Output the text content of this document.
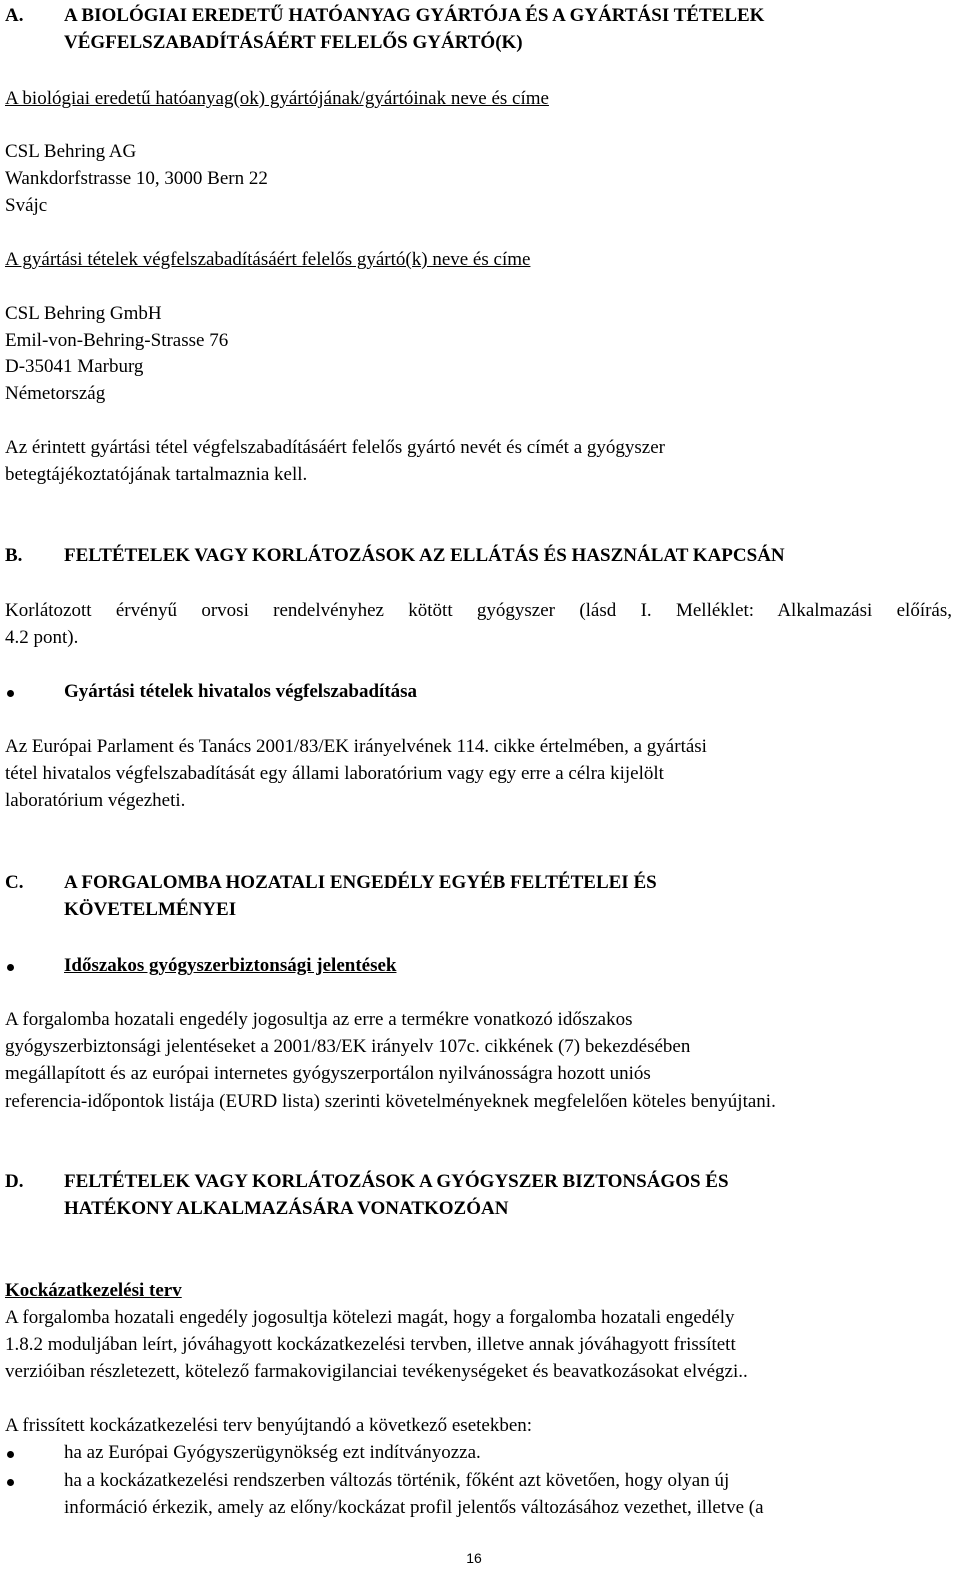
A. A BIOLÓGIAI EREDETŰ HATÓANYAG GYÁRTÓJA ÉS A GYÁRTÁSI TÉTELEK
VÉGFELSZABADÍTÁSÁÉRT FELELŐS GYÁRTÓ(K)
A biológiai eredetű hatóanyag(ok) gyártójának/gyártóinak neve és címe
CSL Behring AG
Wankdorfstrasse 10, 3000 Bern 22
Svájc
A gyártási tételek végfelszabadításáért felelős gyártó(k) neve és címe
CSL Behring GmbH
Emil-von-Behring-Strasse 76
D-35041 Marburg
Németország
Az érintett gyártási tétel végfelszabadításáért felelős gyártó nevét és címét a gyógyszer
betegtájékoztatójának tartalmaznia kell.
B. FELTÉTELEK VAGY KORLÁTOZÁSOK AZ ELLÁTÁS ÉS HASZNÁLAT KAPCSÁN
Korlátozott érvényű orvosi rendelvényhez kötött gyógyszer (lásd I. Melléklet: Alkalmazási előírás,
4.2 pont).
Gyártási tételek hivatalos végfelszabadítása
Az Európai Parlament és Tanács 2001/83/EK irányelvének 114. cikke értelmében, a gyártási
tétel hivatalos végfelszabadítását egy állami laboratórium vagy egy erre a célra kijelölt
laboratórium végezheti.
C. A FORGALOMBA HOZATALI ENGEDÉLY EGYÉB FELTÉTELEI ÉS
KÖVETELMÉNYEI
Időszakos gyógyszerbiztonsági jelentések
A forgalomba hozatali engedély jogosultja az erre a termékre vonatkozó időszakos
gyógyszerbiztonsági jelentéseket a 2001/83/EK irányelv 107c. cikkének (7) bekezdésében
megállapított és az európai internetes gyógyszerportálon nyilvánosságra hozott uniós
referencia-időpontok listája (EURD lista) szerinti követelményeknek megfelelően köteles benyújtani.
D. FELTÉTELEK VAGY KORLÁTOZÁSOK A GYÓGYSZER BIZTONSÁGOS ÉS
HATÉKONY ALKALMAZÁSÁRA VONATKOZÓAN
Kockázatkezelési terv
A forgalomba hozatali engedély jogosultja kötelezi magát, hogy a forgalomba hozatali engedély
1.8.2 moduljában leírt, jóváhagyott kockázatkezelési tervben, illetve annak jóváhagyott frissített
verzióiban részletezett, kötelező farmakovigilanciai tevékenységeket és beavatkozásokat elvégzi..
A frissített kockázatkezelési terv benyújtandó a következő esetekben:
ha az Európai Gyógyszerügynökség ezt indítványozza.
ha a kockázatkezelési rendszerben változás történik, főként azt követően, hogy olyan új
információ érkezik, amely az előny/kockázat profil jelentős változásához vezethet, illetve (a
16
